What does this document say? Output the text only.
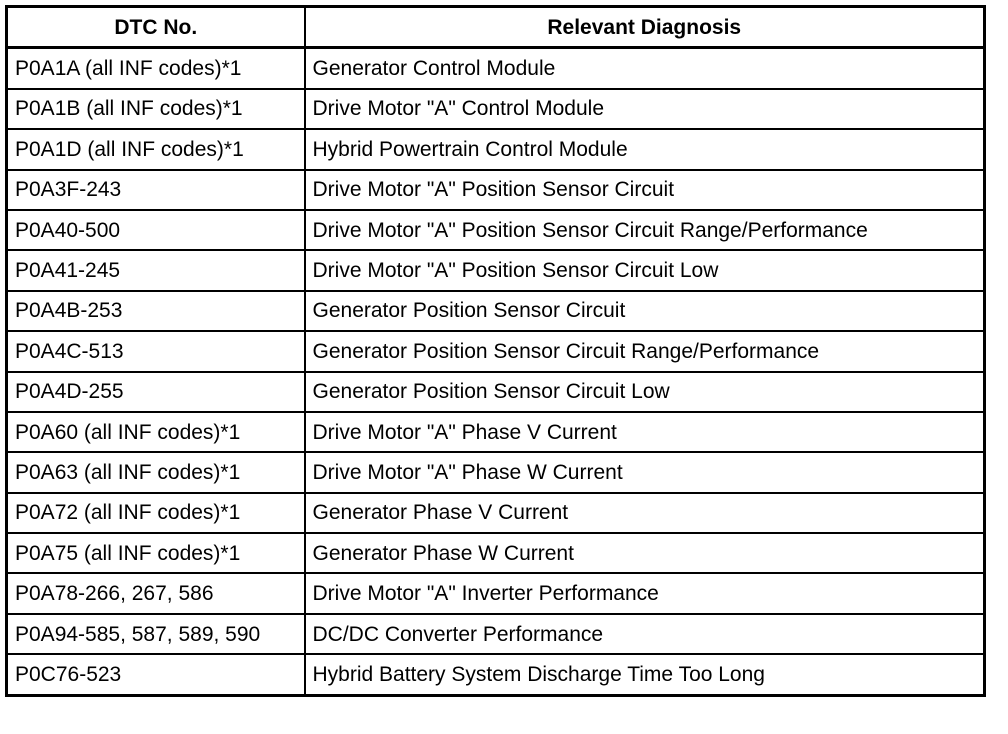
DTC No.	Relevant Diagnosis
P0A1A (all INF codes)*1	Generator Control Module
P0A1B (all INF codes)*1	Drive Motor "A" Control Module
P0A1D (all INF codes)*1	Hybrid Powertrain Control Module
P0A3F-243	Drive Motor "A" Position Sensor Circuit
P0A40-500	Drive Motor "A" Position Sensor Circuit Range/Performance
P0A41-245	Drive Motor "A" Position Sensor Circuit Low
P0A4B-253	Generator Position Sensor Circuit
P0A4C-513	Generator Position Sensor Circuit Range/Performance
P0A4D-255	Generator Position Sensor Circuit Low
P0A60 (all INF codes)*1	Drive Motor "A" Phase V Current
P0A63 (all INF codes)*1	Drive Motor "A" Phase W Current
P0A72 (all INF codes)*1	Generator Phase V Current
P0A75 (all INF codes)*1	Generator Phase W Current
P0A78-266, 267, 586	Drive Motor "A" Inverter Performance
P0A94-585, 587, 589, 590	DC/DC Converter Performance
P0C76-523	Hybrid Battery System Discharge Time Too Long
